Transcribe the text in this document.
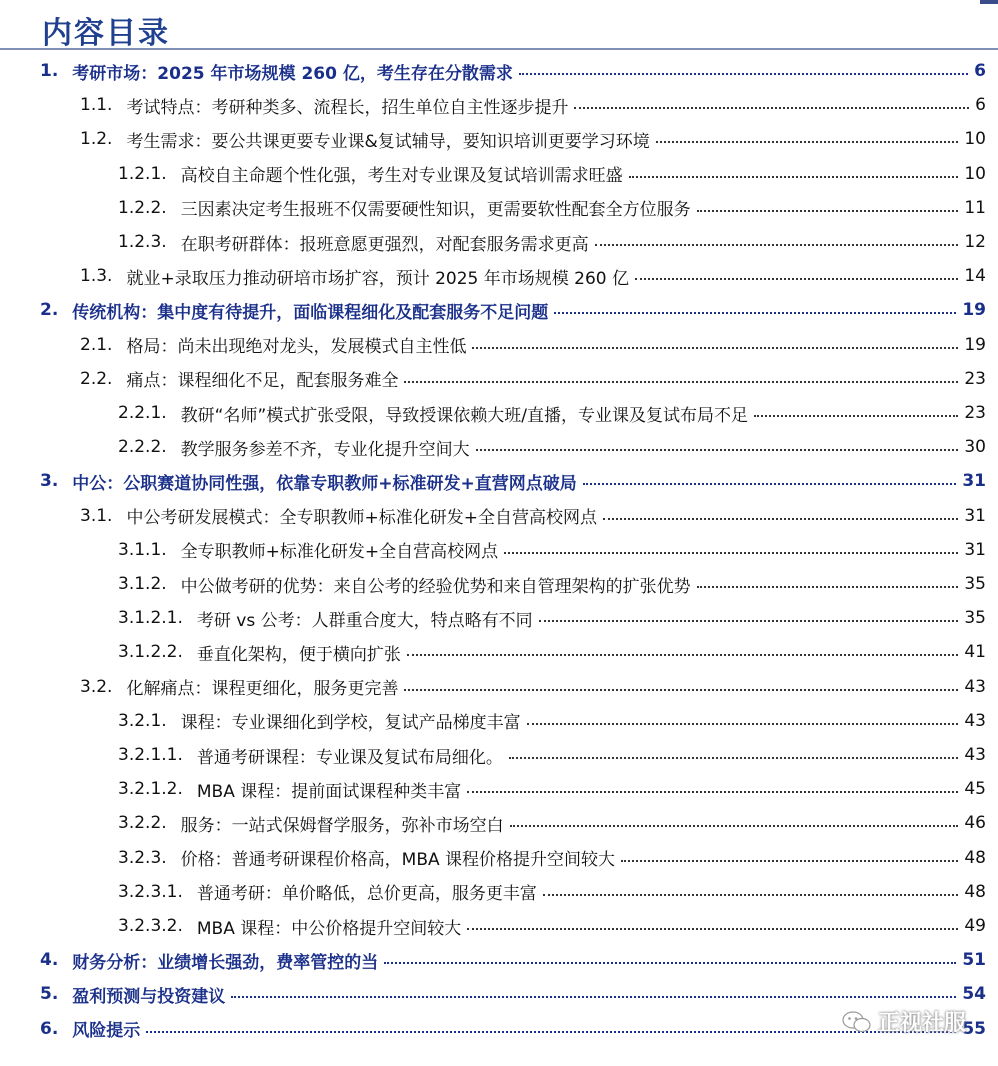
内容目录
1. 考研市场：2025 年市场规模 260 亿，考生存在分散需求	6
1.1. 考试特点：考研种类多、流程长，招生单位自主性逐步提升	6
1.2. 考生需求：要公共课更要专业课&复试辅导，要知识培训更要学习环境	10
1.2.1. 高校自主命题个性化强，考生对专业课及复试培训需求旺盛	10
1.2.2. 三因素决定考生报班不仅需要硬性知识，更需要软性配套全方位服务	11
1.2.3. 在职考研群体：报班意愿更强烈，对配套服务需求更高	12
1.3. 就业+录取压力推动研培市场扩容，预计 2025 年市场规模 260 亿	14
2. 传统机构：集中度有待提升，面临课程细化及配套服务不足问题	19
2.1. 格局：尚未出现绝对龙头，发展模式自主性低	19
2.2. 痛点：课程细化不足，配套服务难全	23
2.2.1. 教研“名师”模式扩张受限，导致授课依赖大班/直播，专业课及复试布局不足	23
2.2.2. 教学服务参差不齐，专业化提升空间大	30
3. 中公：公职赛道协同性强，依靠专职教师+标准研发+直营网点破局	31
3.1. 中公考研发展模式：全专职教师+标准化研发+全自营高校网点	31
3.1.1. 全专职教师+标准化研发+全自营高校网点	31
3.1.2. 中公做考研的优势：来自公考的经验优势和来自管理架构的扩张优势	35
3.1.2.1. 考研 vs 公考：人群重合度大，特点略有不同	35
3.1.2.2. 垂直化架构，便于横向扩张	41
3.2. 化解痛点：课程更细化，服务更完善	43
3.2.1. 课程：专业课细化到学校，复试产品梯度丰富	43
3.2.1.1. 普通考研课程：专业课及复试布局细化。	43
3.2.1.2. MBA 课程：提前面试课程种类丰富	45
3.2.2. 服务：一站式保姆督学服务，弥补市场空白	46
3.2.3. 价格：普通考研课程价格高，MBA 课程价格提升空间较大	48
3.2.3.1. 普通考研：单价略低，总价更高，服务更丰富	48
3.2.3.2. MBA 课程：中公价格提升空间较大	49
4. 财务分析：业绩增长强劲，费率管控的当	51
5. 盈利预测与投资建议	54
6. 风险提示	55
正视社服
